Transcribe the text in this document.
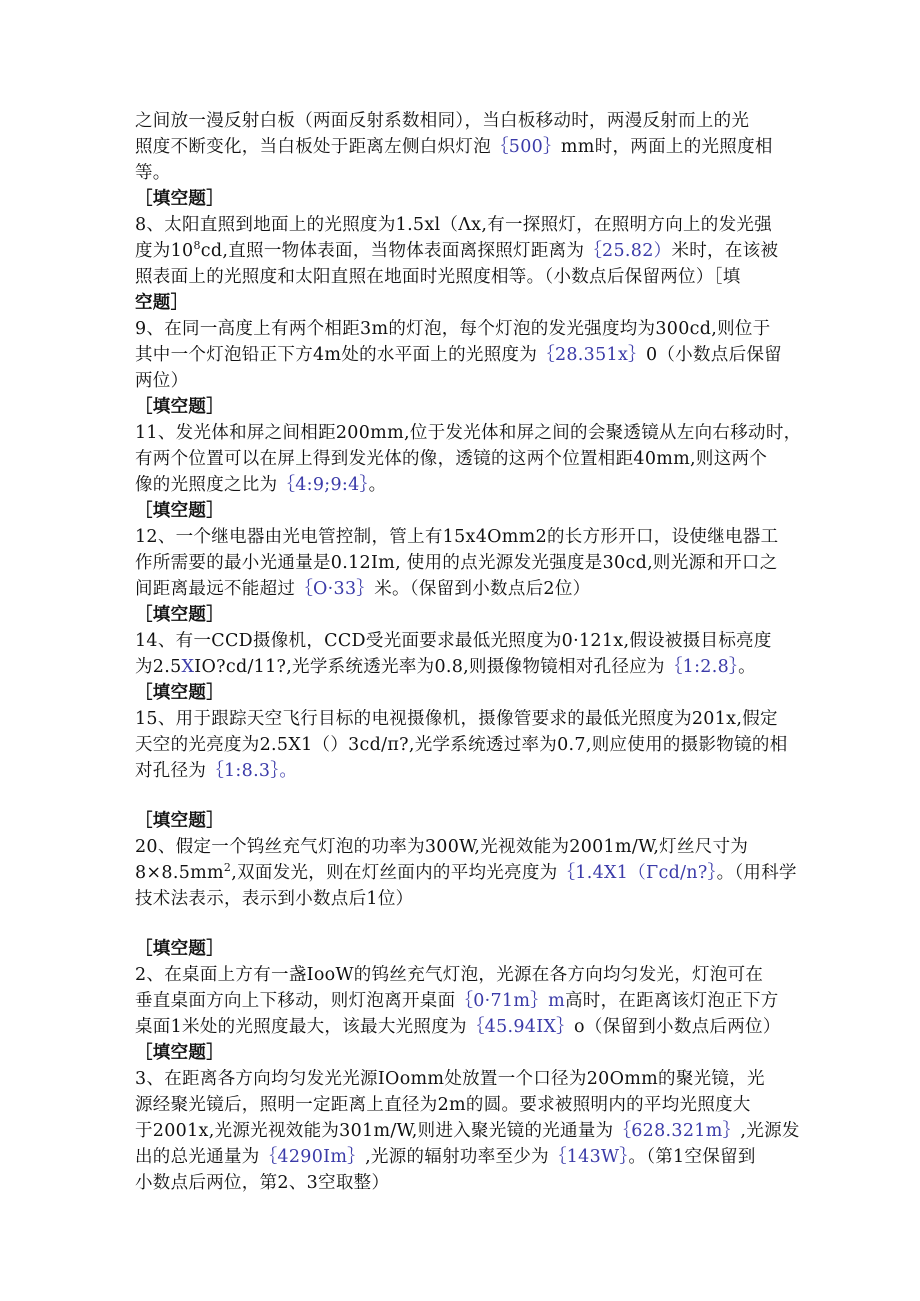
之间放一漫反射白板（两面反射系数相同），当白板移动时，两漫反射而上的光
照度不断变化，当白板处于距离左侧白炽灯泡｛500｝mm时，两面上的光照度相
等。
［填空题］
8、太阳直照到地面上的光照度为1.5xl（Λx,有一探照灯，在照明方向上的发光强
度为$10^8cd$,直照一物体表面，当物体表面离探照灯距离为｛25.82）米时，在该被
照表面上的光照度和太阳直照在地面时光照度相等。（小数点后保留两位）［填
空题］
9、在同一高度上有两个相距3m的灯泡，每个灯泡的发光强度均为300cd,则位于
其中一个灯泡铅正下方4m处的水平面上的光照度为｛28.351x｝0（小数点后保留
两位）
［填空题］
11、发光体和屏之间相距200mm,位于发光体和屏之间的会聚透镜从左向右移动时，
有两个位置可以在屏上得到发光体的像，透镜的这两个位置相距40mm,则这两个
像的光照度之比为｛4:9;9:4｝。
［填空题］
12、一个继电器由光电管控制，管上有15x4Omm2的长方形开口，设使继电器工
作所需要的最小光通量是0.12Im, 使用的点光源发光强度是30cd,则光源和开口之
间距离最远不能超过｛O·33｝米。（保留到小数点后2位）
［填空题］
14、有一CCD摄像机，CCD受光面要求最低光照度为0·121x,假设被摄目标亮度
为2.5XIO?cd/11?,光学系统透光率为0.8,则摄像物镜相对孔径应为｛1:2.8｝。
［填空题］
15、用于跟踪天空飞行目标的电视摄像机，摄像管要求的最低光照度为201x,假定
天空的光亮度为2.5X1（）3cd/π?,光学系统透过率为0.7,则应使用的摄影物镜的相
对孔径为｛1:8.3｝。
［填空题］
20、假定一个钨丝充气灯泡的功率为300W,光视效能为2001m/W,灯丝尺寸为
$8\times 8.5mm^2$,双面发光，则在灯丝面内的平均光亮度为｛1.4X1（Γcd/n?｝。（用科学
技术法表示，表示到小数点后1位）
［填空题］
2、在桌面上方有一盏IooW的钨丝充气灯泡，光源在各方向均匀发光，灯泡可在
垂直桌面方向上下移动，则灯泡离开桌面｛0·71m｝m高时，在距离该灯泡正下方
桌面1米处的光照度最大，该最大光照度为｛45.94IX｝o（保留到小数点后两位）
［填空题］
3、在距离各方向均匀发光光源IOomm处放置一个口径为20Omm的聚光镜，光
源经聚光镜后，照明一定距离上直径为2m的圆。要求被照明内的平均光照度大
于2001x,光源光视效能为301m/W,则进入聚光镜的光通量为｛628.321m｝,光源发
出的总光通量为｛4290Im｝,光源的辐射功率至少为｛143W｝。（第1空保留到
小数点后两位，第2、3空取整）
